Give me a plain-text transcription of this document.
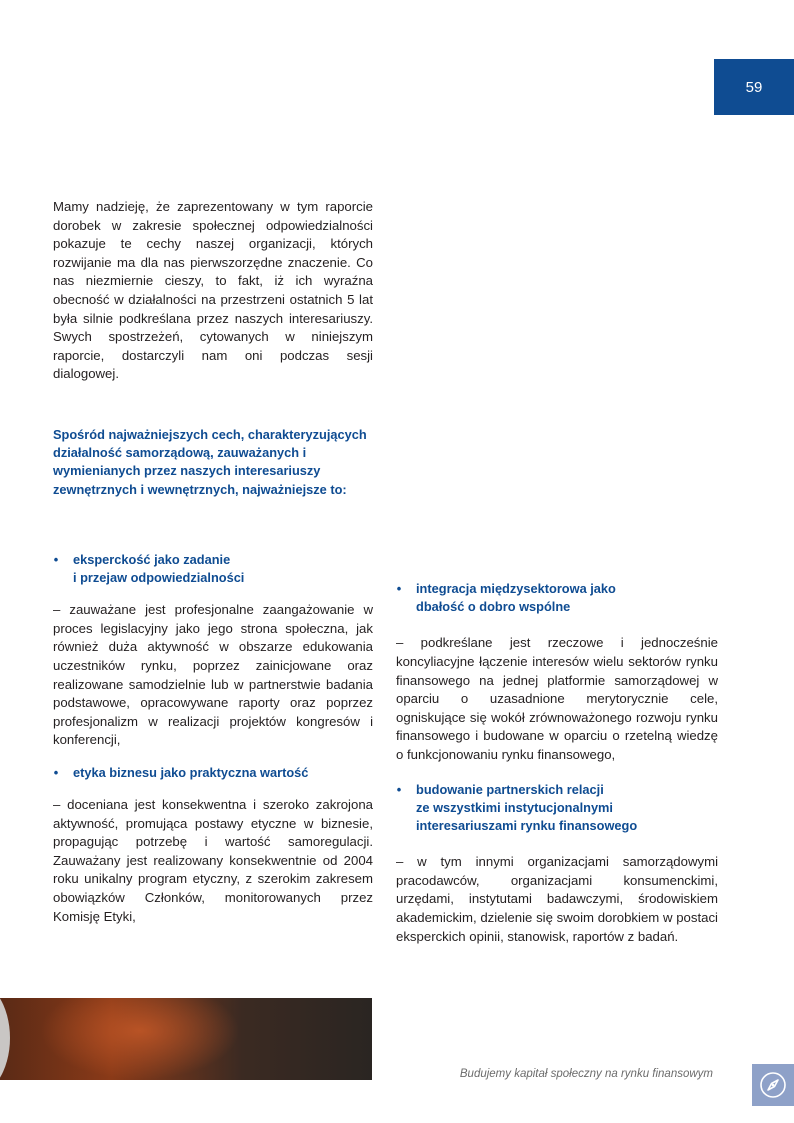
59

Mamy nadzieję, że zaprezentowany w tym raporcie dorobek w zakresie społecznej odpowiedzialności pokazuje te cechy naszej organizacji, których rozwijanie ma dla nas pierwszorzędne znaczenie. Co nas niezmiernie cieszy, to fakt, iż ich wyraźna obecność w działalności na przestrzeni ostatnich 5 lat była silnie podkreślana przez naszych interesariuszy. Swych spostrzeżeń, cytowanych w niniejszym raporcie, dostarczyli nam oni podczas sesji dialogowej.

Spośród najważniejszych cech, charakteryzujących działalność samorządową, zauważanych i wymienianych przez naszych interesariuszy zewnętrznych i wewnętrznych, najważniejsze to:

•	eksperckość jako zadanie
i przejaw odpowiedzialności

– zauważane jest profesjonalne zaangażowanie w proces legislacyjny jako jego strona społeczna, jak również duża aktywność w obszarze edukowania uczestników rynku, poprzez zainicjowane oraz realizowane samodzielnie lub w partnerstwie badania podstawowe, opracowywane raporty oraz poprzez profesjonalizm w realizacji projektów kongresów i konferencji,

•	etyka biznesu jako praktyczna wartość

– doceniana jest konsekwentna i szeroko zakrojona aktywność, promująca postawy etyczne w biznesie, propagując potrzebę i wartość samoregulacji. Zauważany jest realizowany konsekwentnie od 2004 roku unikalny program etyczny, z szerokim zakresem obowiązków Członków, monitorowanych przez Komisję Etyki,

•	integracja międzysektorowa jako
dbałość o dobro wspólne

– podkreślane jest rzeczowe i jednocześnie koncyliacyjne łączenie interesów wielu sektorów rynku finansowego na jednej platformie samorządowej w oparciu o uzasadnione merytorycznie cele, ogniskujące się wokół zrównoważonego rozwoju rynku finansowego i budowane w oparciu o rzetelną wiedzę o funkcjonowaniu rynku finansowego,

•	budowanie partnerskich relacji
ze wszystkimi instytucjonalnymi
interesariuszami rynku finansowego

– w tym innymi organizacjami samorządowymi pracodawców, organizacjami konsumenckimi, urzędami, instytutami badawczymi, środowiskiem akademickim, dzielenie się swoim dorobkiem w postaci eksperckich opinii, stanowisk, raportów z badań.

Budujemy kapitał społeczny na rynku finansowym
